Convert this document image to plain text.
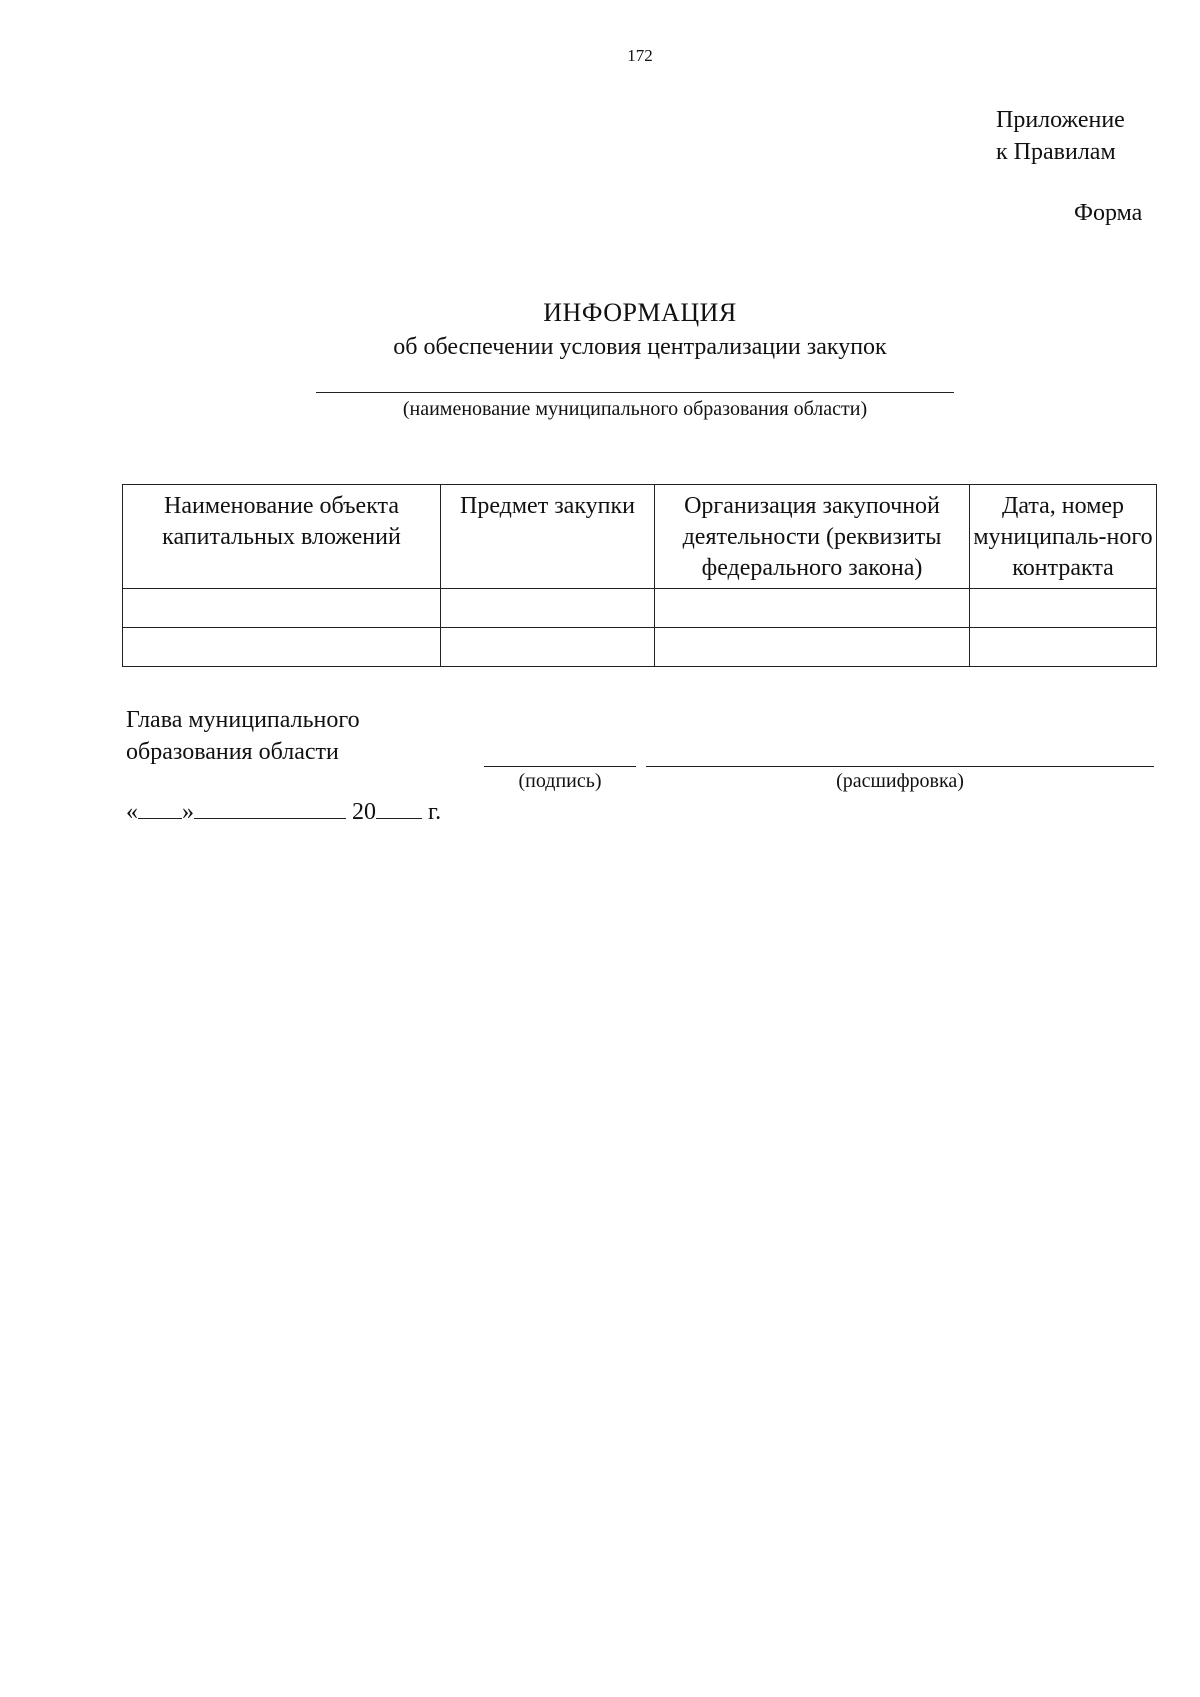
172
Приложение
к Правилам
Форма
ИНФОРМАЦИЯ
об обеспечении условия централизации закупок
(наименование муниципального образования области)
Наименование объекта капитальных вложений	Предмет закупки	Организация закупочной деятельности (реквизиты федерального закона)	Дата, номер муниципаль-ного контракта

Глава муниципального
образования области
(подпись)	(расшифровка)
« »	20 г.
